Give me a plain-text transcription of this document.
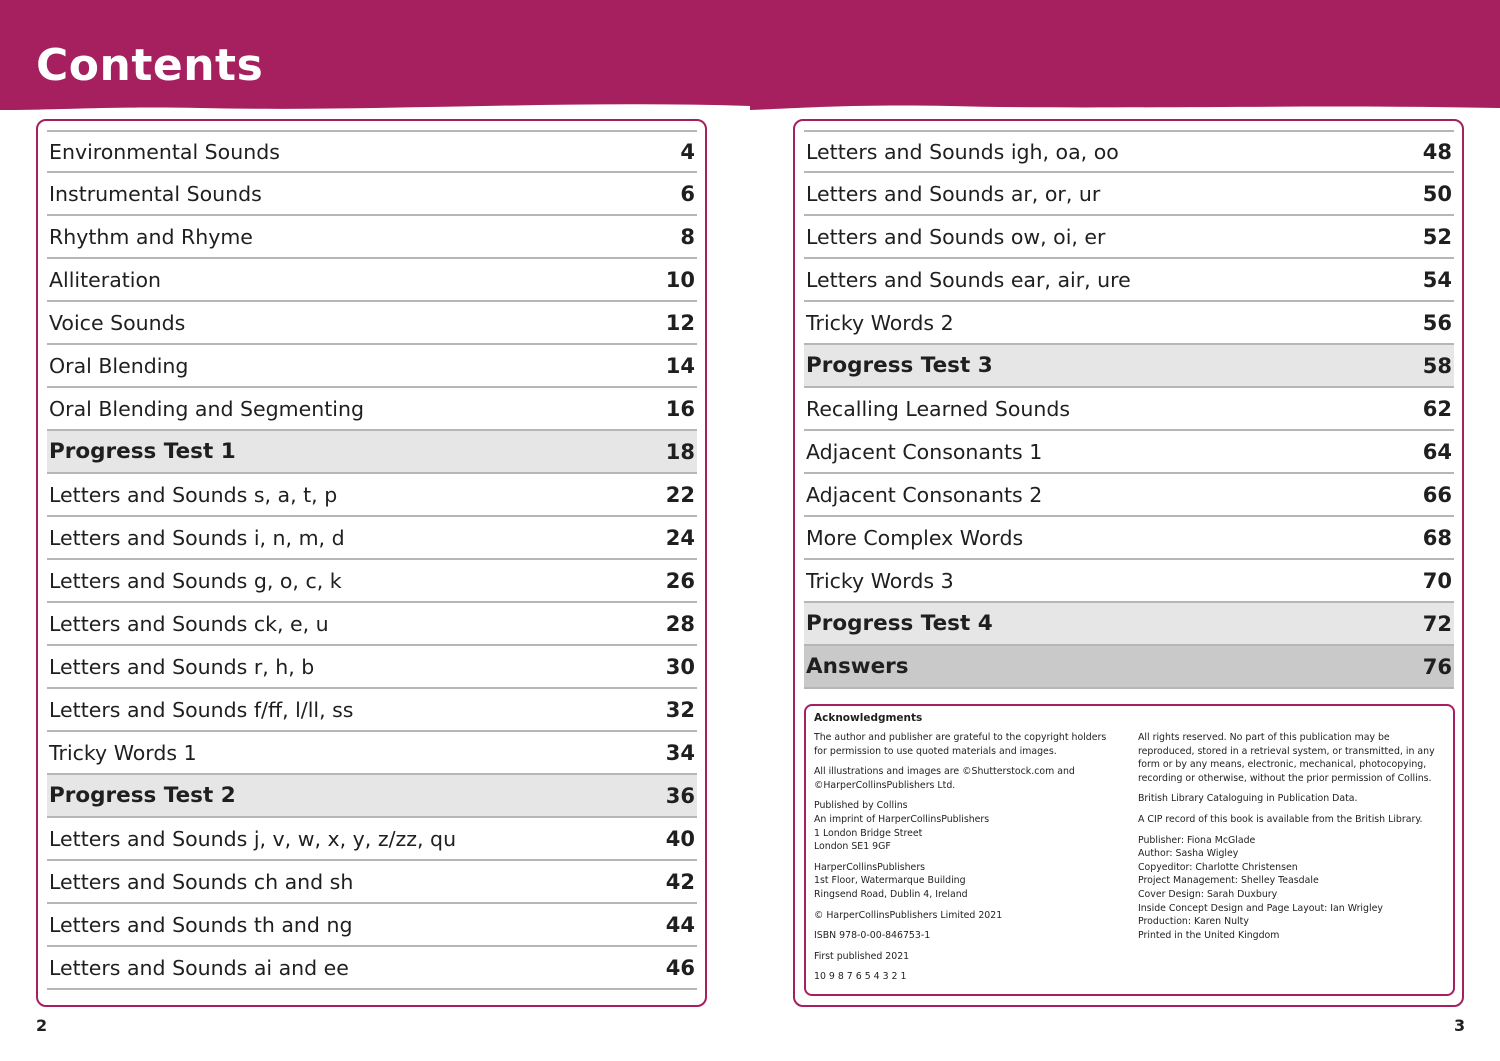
Contents
Environmental Sounds	4
Instrumental Sounds	6
Rhythm and Rhyme	8
Alliteration	10
Voice Sounds	12
Oral Blending	14
Oral Blending and Segmenting	16
Progress Test 1	18
Letters and Sounds s, a, t, p	22
Letters and Sounds i, n, m, d	24
Letters and Sounds g, o, c, k	26
Letters and Sounds ck, e, u	28
Letters and Sounds r, h, b	30
Letters and Sounds f/ff, l/ll, ss	32
Tricky Words 1	34
Progress Test 2	36
Letters and Sounds j, v, w, x, y, z/zz, qu	40
Letters and Sounds ch and sh	42
Letters and Sounds th and ng	44
Letters and Sounds ai and ee	46
Letters and Sounds igh, oa, oo	48
Letters and Sounds ar, or, ur	50
Letters and Sounds ow, oi, er	52
Letters and Sounds ear, air, ure	54
Tricky Words 2	56
Progress Test 3	58
Recalling Learned Sounds	62
Adjacent Consonants 1	64
Adjacent Consonants 2	66
More Complex Words	68
Tricky Words 3	70
Progress Test 4	72
Answers	76
Acknowledgments

The author and publisher are grateful to the copyright holders
for permission to use quoted materials and images.

All illustrations and images are ©Shutterstock.com and
©HarperCollinsPublishers Ltd.

Published by Collins
An imprint of HarperCollinsPublishers
1 London Bridge Street
London SE1 9GF

HarperCollinsPublishers
1st Floor, Watermarque Building
Ringsend Road, Dublin 4, Ireland

© HarperCollinsPublishers Limited 2021

ISBN 978-0-00-846753-1

First published 2021

10 9 8 7 6 5 4 3 2 1

All rights reserved. No part of this publication may be
reproduced, stored in a retrieval system, or transmitted, in any
form or by any means, electronic, mechanical, photocopying,
recording or otherwise, without the prior permission of Collins.

British Library Cataloguing in Publication Data.

A CIP record of this book is available from the British Library.

Publisher: Fiona McGlade
Author: Sasha Wigley
Copyeditor: Charlotte Christensen
Project Management: Shelley Teasdale
Cover Design: Sarah Duxbury
Inside Concept Design and Page Layout: Ian Wrigley
Production: Karen Nulty
Printed in the United Kingdom

2	3
